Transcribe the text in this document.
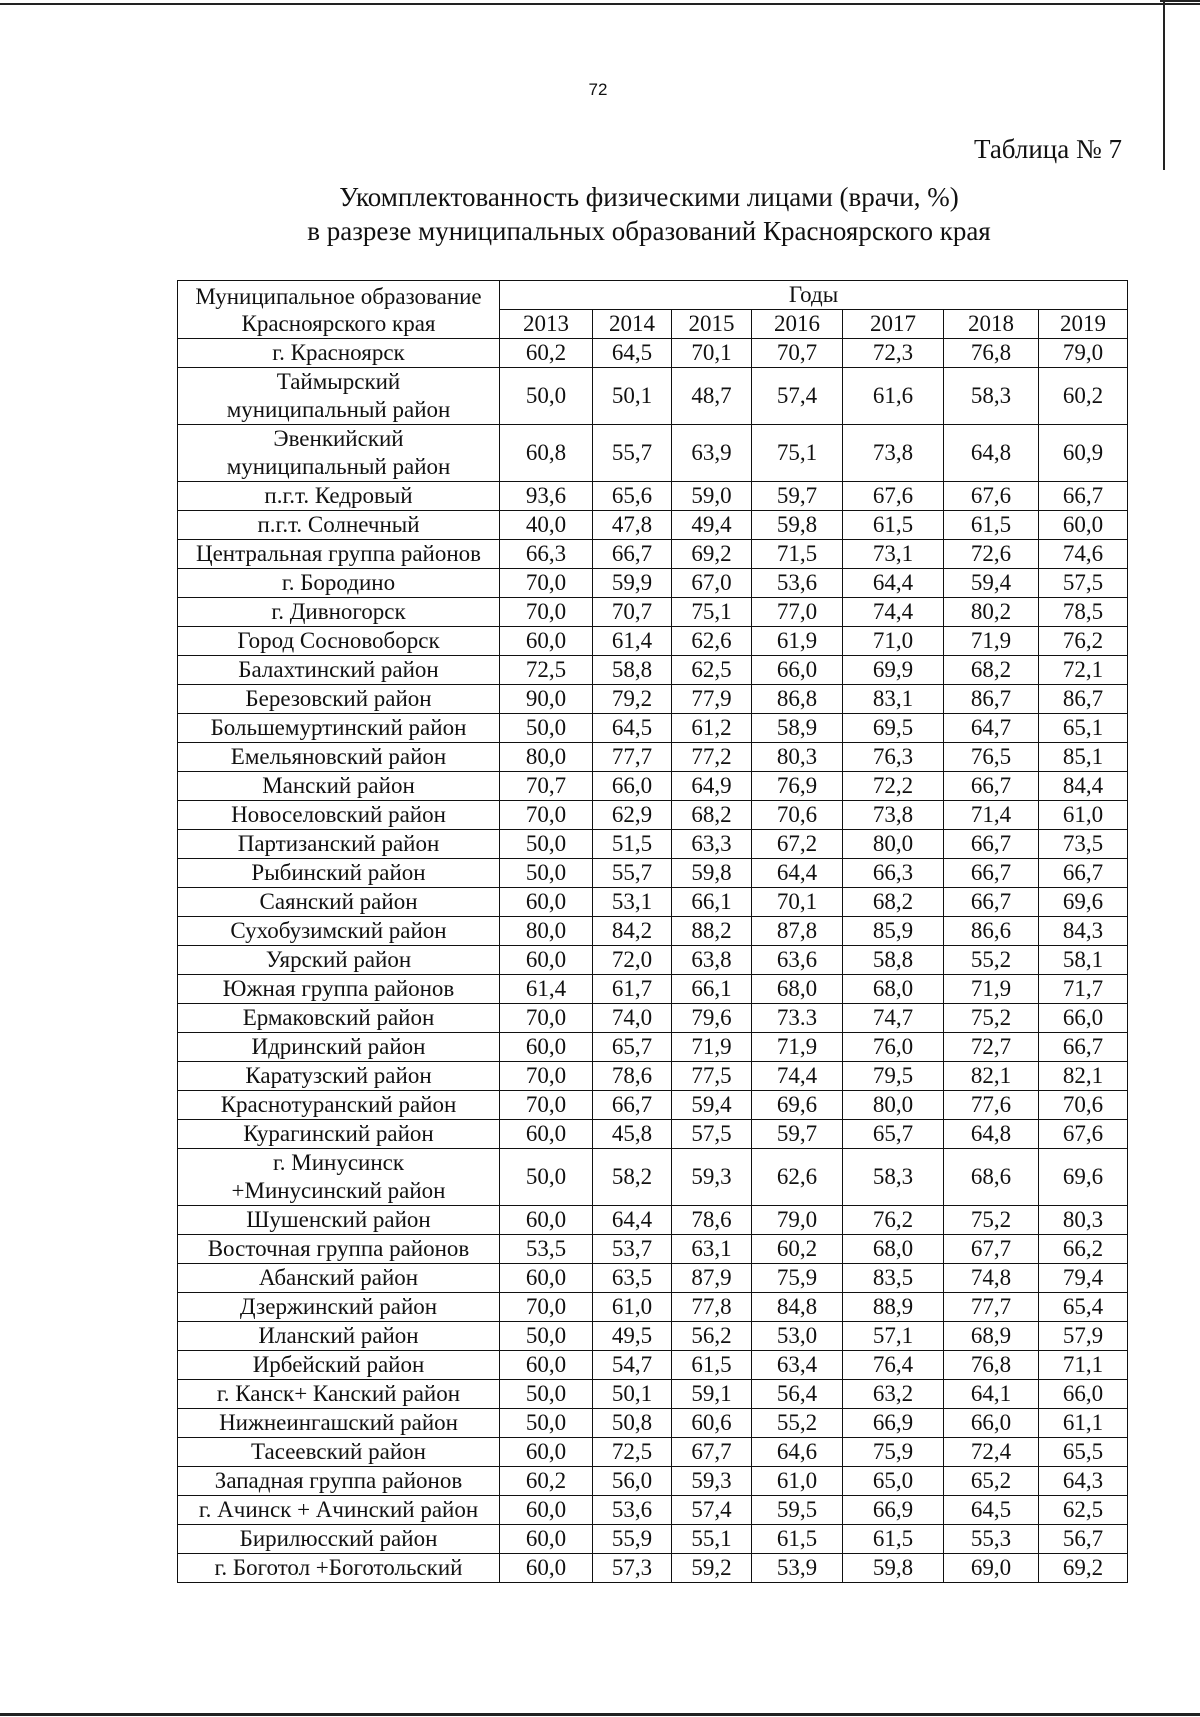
72
Таблица № 7
Укомплектованность физическими лицами (врачи, %)
в разрезе муниципальных образований Красноярского края
Муниципальное образование
Красноярского края	Годы						
	2013	2014	2015	2016	2017	2018	2019

г. Красноярск	60,2	64,5	70,1	70,7	72,3	76,8	79,0

Таймырский
муниципальный район	50,0	50,1	48,7	57,4	61,6	58,3	60,2

Эвенкийский
муниципальный район	60,8	55,7	63,9	75,1	73,8	64,8	60,9

п.г.т. Кедровый	93,6	65,6	59,0	59,7	67,6	67,6	66,7

п.г.т. Солнечный	40,0	47,8	49,4	59,8	61,5	61,5	60,0

Центральная группа районов	66,3	66,7	69,2	71,5	73,1	72,6	74,6

г. Бородино	70,0	59,9	67,0	53,6	64,4	59,4	57,5

г. Дивногорск	70,0	70,7	75,1	77,0	74,4	80,2	78,5

Город Сосновоборск	60,0	61,4	62,6	61,9	71,0	71,9	76,2

Балахтинский район	72,5	58,8	62,5	66,0	69,9	68,2	72,1

Березовский район	90,0	79,2	77,9	86,8	83,1	86,7	86,7

Большемуртинский район	50,0	64,5	61,2	58,9	69,5	64,7	65,1

Емельяновский район	80,0	77,7	77,2	80,3	76,3	76,5	85,1

Манский район	70,7	66,0	64,9	76,9	72,2	66,7	84,4

Новоселовский район	70,0	62,9	68,2	70,6	73,8	71,4	61,0

Партизанский район	50,0	51,5	63,3	67,2	80,0	66,7	73,5

Рыбинский район	50,0	55,7	59,8	64,4	66,3	66,7	66,7

Саянский район	60,0	53,1	66,1	70,1	68,2	66,7	69,6

Сухобузимский район	80,0	84,2	88,2	87,8	85,9	86,6	84,3

Уярский район	60,0	72,0	63,8	63,6	58,8	55,2	58,1

Южная группа районов	61,4	61,7	66,1	68,0	68,0	71,9	71,7

Ермаковский район	70,0	74,0	79,6	73.3	74,7	75,2	66,0

Идринский район	60,0	65,7	71,9	71,9	76,0	72,7	66,7

Каратузский район	70,0	78,6	77,5	74,4	79,5	82,1	82,1

Краснотуранский район	70,0	66,7	59,4	69,6	80,0	77,6	70,6

Курагинский район	60,0	45,8	57,5	59,7	65,7	64,8	67,6

г. Минусинск
+Минусинский район	50,0	58,2	59,3	62,6	58,3	68,6	69,6

Шушенский район	60,0	64,4	78,6	79,0	76,2	75,2	80,3

Восточная группа районов	53,5	53,7	63,1	60,2	68,0	67,7	66,2

Абанский район	60,0	63,5	87,9	75,9	83,5	74,8	79,4

Дзержинский район	70,0	61,0	77,8	84,8	88,9	77,7	65,4

Иланский район	50,0	49,5	56,2	53,0	57,1	68,9	57,9

Ирбейский район	60,0	54,7	61,5	63,4	76,4	76,8	71,1

г. Канск+ Канский район	50,0	50,1	59,1	56,4	63,2	64,1	66,0

Нижнеингашский район	50,0	50,8	60,6	55,2	66,9	66,0	61,1

Тасеевский район	60,0	72,5	67,7	64,6	75,9	72,4	65,5

Западная группа районов	60,2	56,0	59,3	61,0	65,0	65,2	64,3

г. Ачинск + Ачинский район	60,0	53,6	57,4	59,5	66,9	64,5	62,5

Бирилюсский район	60,0	55,9	55,1	61,5	61,5	55,3	56,7

г. Боготол +Боготольский	60,0	57,3	59,2	53,9	59,8	69,0	69,2
